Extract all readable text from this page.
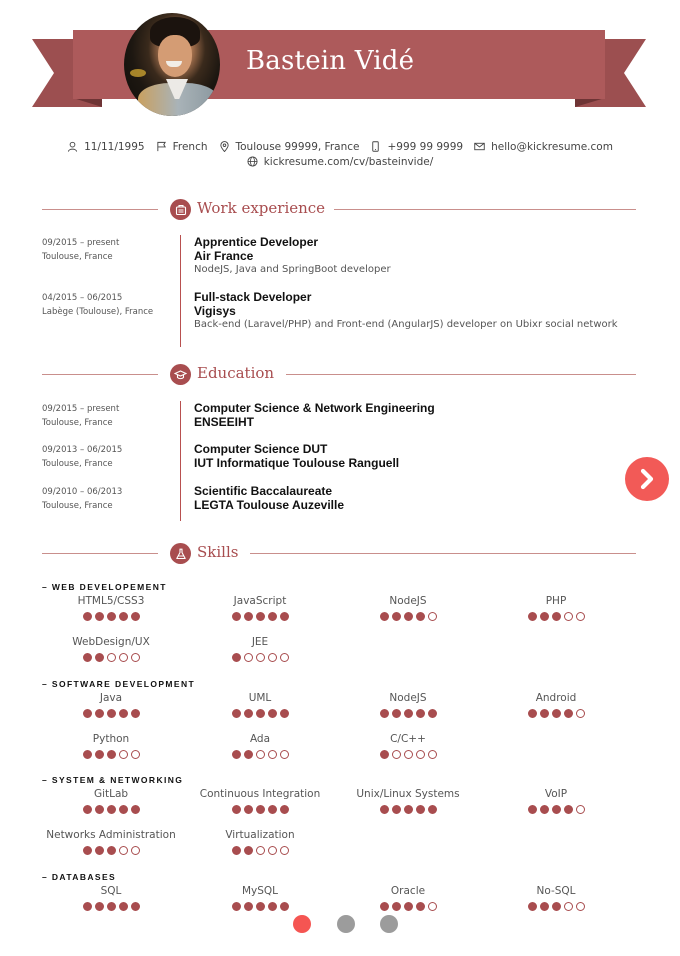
Bastein Vidé
11/11/1995	French	Toulouse 99999, France	+999 99 9999	hello@kickresume.com
kickresume.com/cv/basteinvide/
Work experience
09/2015 – present
Toulouse, France
Apprentice Developer
Air France
NodeJS, Java and SpringBoot developer
04/2015 – 06/2015
Labège (Toulouse), France
Full-stack Developer
Vigisys
Back-end (Laravel/PHP) and Front-end (AngularJS) developer on Ubixr social network
Education
09/2015 – present
Toulouse, France
Computer Science & Network Engineering
ENSEEIHT
09/2013 – 06/2015
Toulouse, France
Computer Science DUT
IUT Informatique Toulouse Ranguell
09/2010 – 06/2013
Toulouse, France
Scientific Baccalaureate
LEGTA Toulouse Auzeville
Skills
– WEB DEVELOPEMENT
HTML5/CSS3	JavaScript	NodeJS	PHP
WebDesign/UX	JEE
– SOFTWARE DEVELOPMENT
Java	UML	NodeJS	Android
Python	Ada	C/C++
– SYSTEM & NETWORKING
GitLab	Continuous Integration	Unix/Linux Systems	VoIP
Networks Administration	Virtualization
– DATABASES
SQL	MySQL	Oracle	No-SQL
